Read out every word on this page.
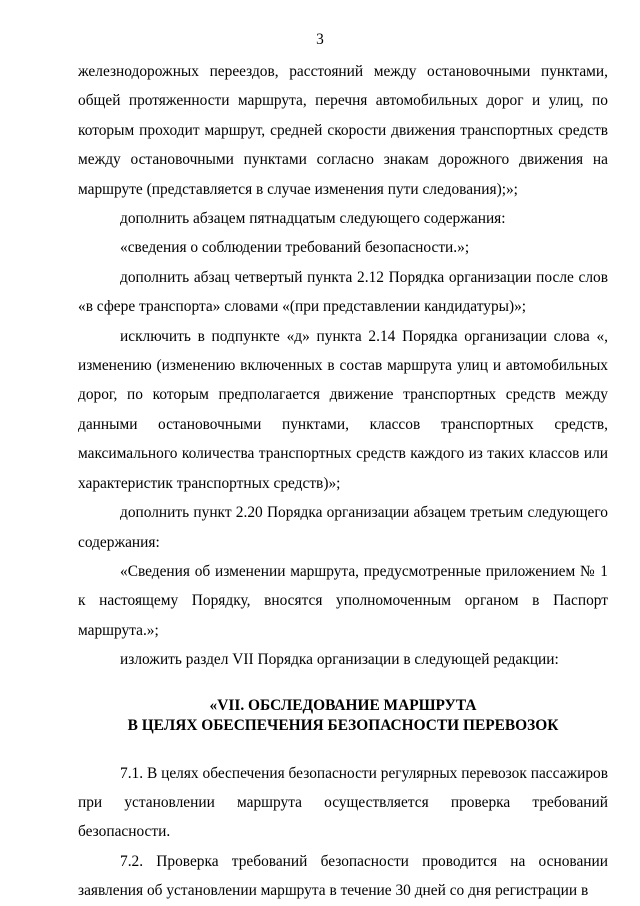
3

железнодорожных переездов, расстояний между остановочными пунктами, общей протяженности маршрута, перечня автомобильных дорог и улиц, по которым проходит маршрут, средней скорости движения транспортных средств между остановочными пунктами согласно знакам дорожного движения на маршруте (представляется в случае изменения пути следования);»;

дополнить абзацем пятнадцатым следующего содержания:

«сведения о соблюдении требований безопасности.»;

дополнить абзац четвертый пункта 2.12 Порядка организации после слов «в сфере транспорта» словами «(при представлении кандидатуры)»;

исключить в подпункте «д» пункта 2.14 Порядка организации слова «, изменению (изменению включенных в состав маршрута улиц и автомобильных дорог, по которым предполагается движение транспортных средств между данными остановочными пунктами, классов транспортных средств, максимального количества транспортных средств каждого из таких классов или характеристик транспортных средств)»;

дополнить пункт 2.20 Порядка организации абзацем третьим следующего содержания:

«Сведения об изменении маршрута, предусмотренные приложением № 1 к настоящему Порядку, вносятся уполномоченным органом в Паспорт маршрута.»;

изложить раздел VII Порядка организации в следующей редакции:

«VII. ОБСЛЕДОВАНИЕ МАРШРУТА

В ЦЕЛЯХ ОБЕСПЕЧЕНИЯ БЕЗОПАСНОСТИ ПЕРЕВОЗОК

7.1. В целях обеспечения безопасности регулярных перевозок пассажиров при установлении маршрута осуществляется проверка требований безопасности.

7.2. Проверка требований безопасности проводится на основании заявления об установлении маршрута в течение 30 дней со дня регистрации в
